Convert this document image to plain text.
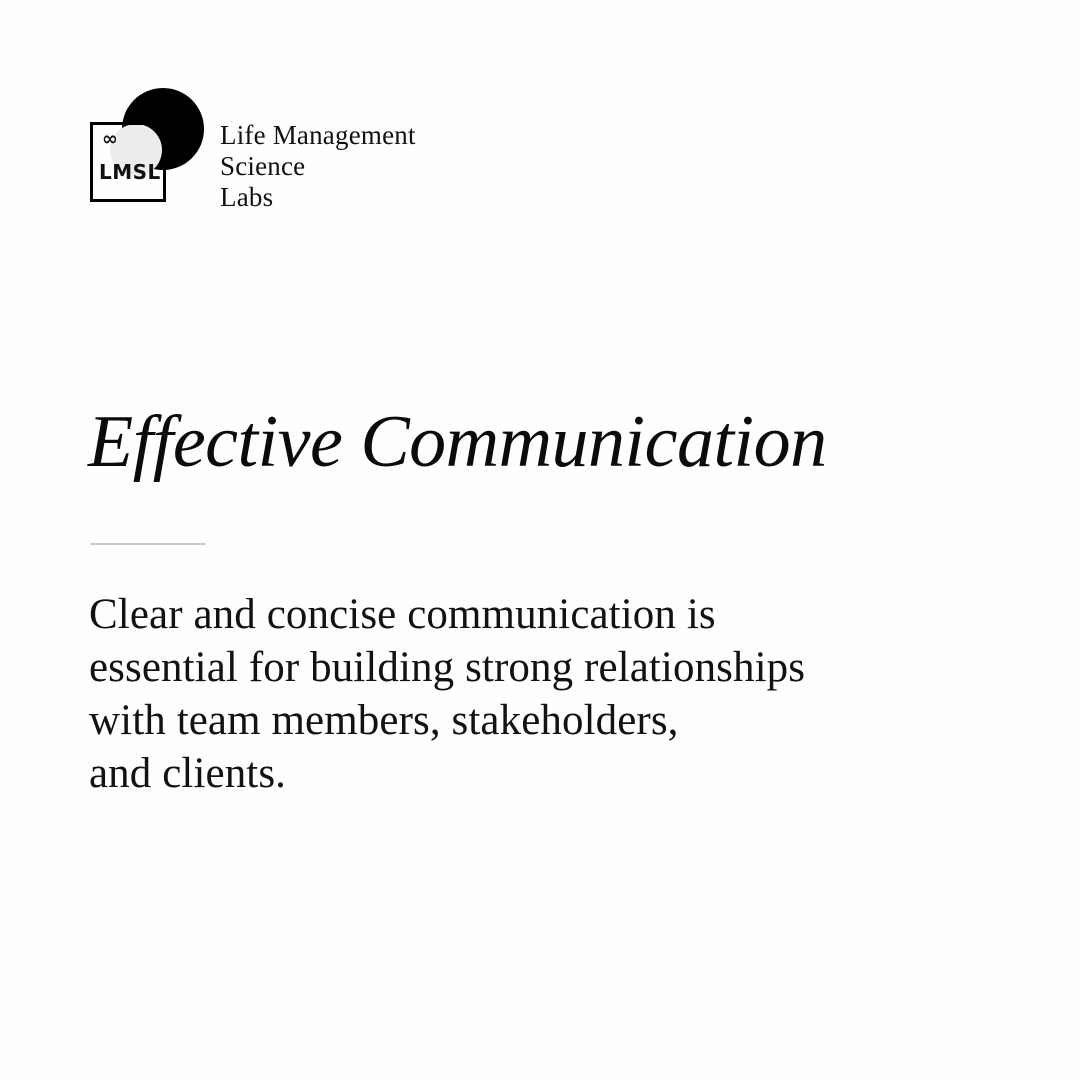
∞
LMSL
Life Management
Science
Labs
Effective Communication
Clear and concise communication is
essential for building strong relationships
with team members, stakeholders,
and clients.
